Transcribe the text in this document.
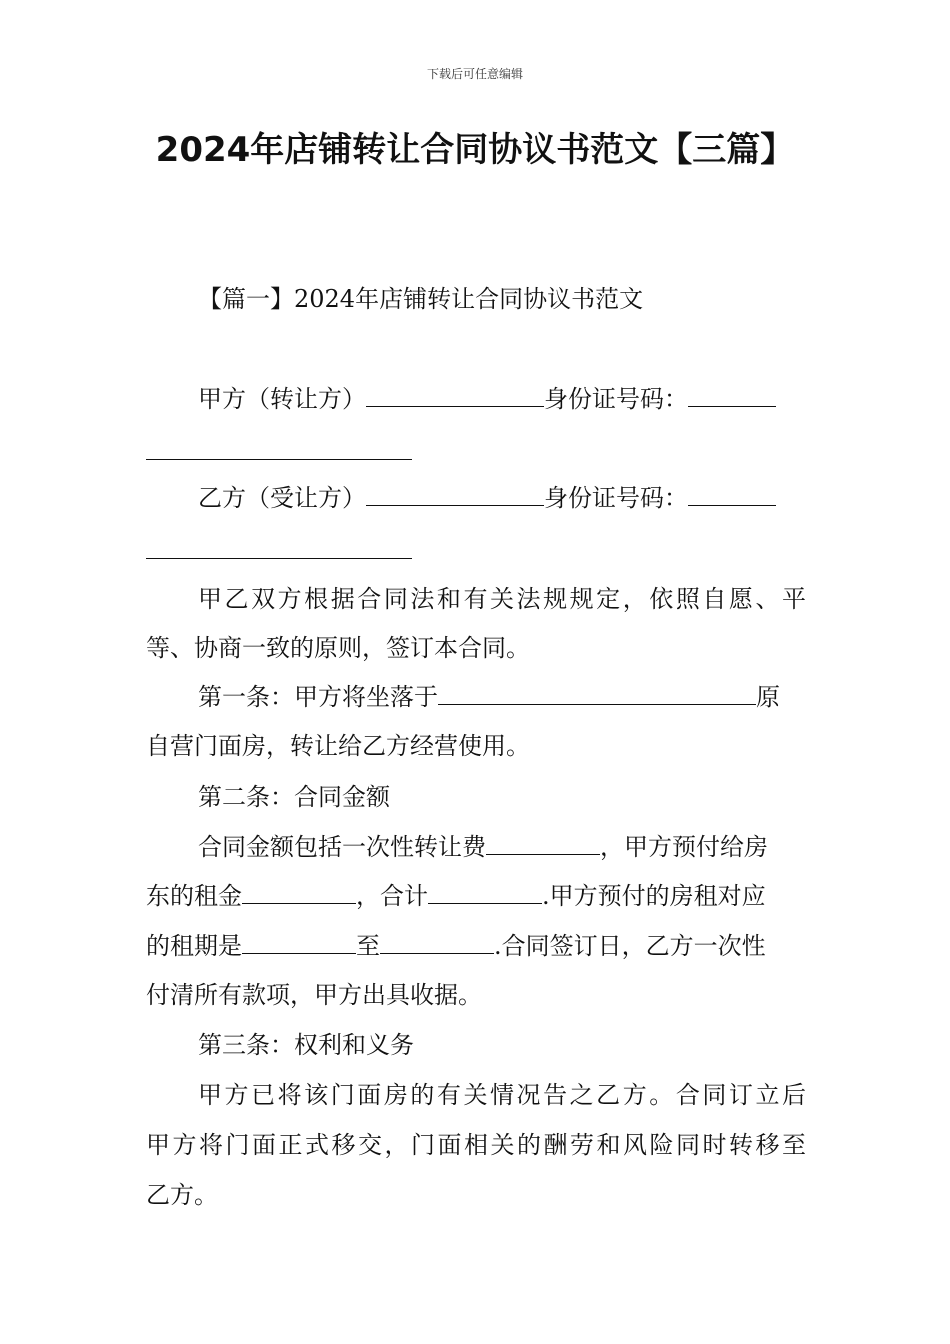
下载后可任意编辑
2024年店铺转让合同协议书范文【三篇】
【篇一】2024年店铺转让合同协议书范文
甲方（转让方）	身份证号码：
乙方（受让方）	身份证号码：
甲乙双方根据合同法和有关法规规定，依照自愿、平
等、协商一致的原则，签订本合同。
第一条：甲方将坐落于	原
自营门面房，转让给乙方经营使用。
第二条：合同金额
合同金额包括一次性转让费	，甲方预付给房
东的租金	，合计	.甲方预付的房租对应
的租期是	至	.合同签订日，乙方一次性
付清所有款项，甲方出具收据。
第三条：权利和义务
甲方已将该门面房的有关情况告之乙方。合同订立后
甲方将门面正式移交，门面相关的酬劳和风险同时转移至
乙方。
